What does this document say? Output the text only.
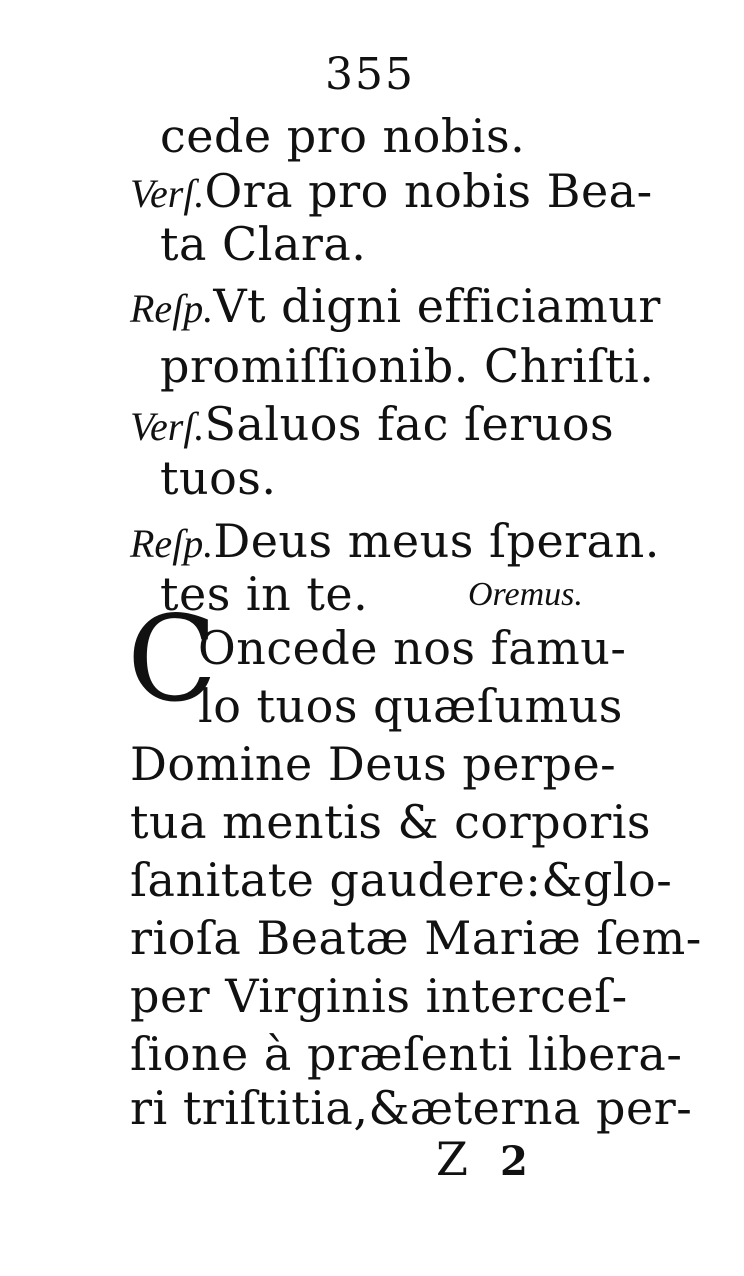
355
cede pro nobis.
Verſ.Ora pro nobis Bea-
ta Clara.
Reſp.Vt digni efficiamur
promiſſionib. Chriſti.
Verſ.Saluos fac ſeruos
tuos.
Reſp.Deus meus ſperan.
tes in te.	Oremus.
C
Oncede nos famu-
lo tuos quæſumus
Domine Deus perpe-
tua mentis & corporis
ſanitate gaudere:&glo-
rioſa Beatæ Mariæ ſem-
per Virginis interceſ-
ſione à præſenti libera-
ri triſtitia,&æterna per-
Z 2
